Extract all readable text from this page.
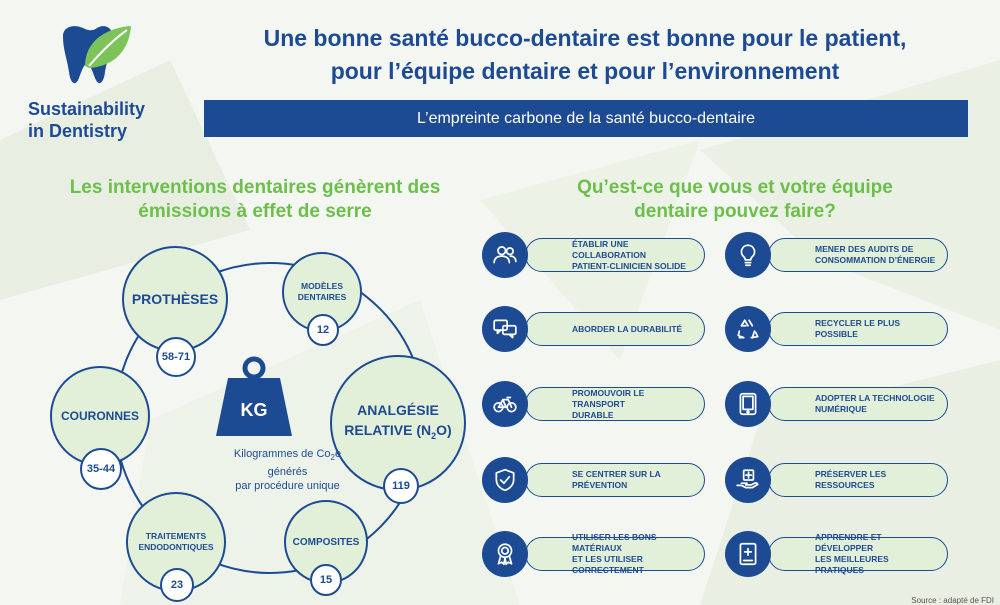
Sustainability
in Dentistry
Une bonne santé bucco-dentaire est bonne pour le patient,
pour l’équipe dentaire et pour l’environnement
L’empreinte carbone de la santé bucco-dentaire
Les interventions dentaires génèrent des
émissions à effet de serre
Qu’est-ce que vous et votre équipe
dentaire pouvez faire?
PROTHÈSES
58-71
MODÈLES
DENTAIRES
12
ANALGÉSIE
RELATIVE $(N_2O)$
119
COMPOSITES
15
TRAITEMENTS
ENDODONTIQUES
23
COURONNES
35-44
KG
Kilogrammes de $Co_2e$ générés
par procédure unique
ÉTABLIR UNE COLLABORATION
PATIENT-CLINICIEN SOLIDE
MENER DES AUDITS DE
CONSOMMATION D’ÉNERGIE
ABORDER LA DURABILITÉ
RECYCLER LE PLUS POSSIBLE
PROMOUVOIR LE TRANSPORT
DURABLE
ADOPTER LA TECHNOLOGIE
NUMÉRIQUE
SE CENTRER SUR LA PRÉVENTION
PRÉSERVER LES RESSOURCES
UTILISER LES BONS MATÉRIAUX
ET LES UTILISER CORRECTEMENT
APPRENDRE ET DÉVELOPPER
LES MEILLEURES PRATIQUES
Source : adapté de FDI
